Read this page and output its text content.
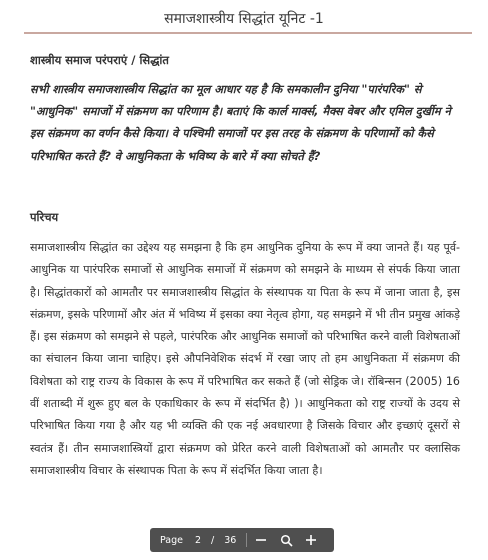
समाजशास्त्रीय सिद्धांत यूनिट -1
शास्त्रीय समाज परंपराएं / सिद्धांत
सभी शास्त्रीय समाजशास्त्रीय सिद्धांत का मूल आधार यह है कि समकालीन दुनिया "पारंपरिक" से "आधुनिक" समाजों में संक्रमण का परिणाम है। बताएं कि कार्ल मार्क्स, मैक्स वेबर और एमिल दुर्खीम ने इस संक्रमण का वर्णन कैसे किया। वे पश्चिमी समाजों पर इस तरह के संक्रमण के परिणामों को कैसे परिभाषित करते हैं? वे आधुनिकता के भविष्य के बारे में क्या सोचते हैं?
परिचय
समाजशास्त्रीय सिद्धांत का उद्देश्य यह समझना है कि हम आधुनिक दुनिया के रूप में क्या जानते हैं। यह पूर्व-आधुनिक या पारंपरिक समाजों से आधुनिक समाजों में संक्रमण को समझने के माध्यम से संपर्क किया जाता है। सिद्धांतकारों को आमतौर पर समाजशास्त्रीय सिद्धांत के संस्थापक या पिता के रूप में जाना जाता है, इस संक्रमण, इसके परिणामों और अंत में भविष्य में इसका क्या नेतृत्व होगा, यह समझने में भी तीन प्रमुख आंकड़े हैं। इस संक्रमण को समझने से पहले, पारंपरिक और आधुनिक समाजों को परिभाषित करने वाली विशेषताओं का संचालन किया जाना चाहिए। इसे औपनिवेशिक संदर्भ में रखा जाए तो हम आधुनिकता में संक्रमण की विशेषता को राष्ट्र राज्य के विकास के रूप में परिभाषित कर सकते हैं (जो सेड्रिक जे। रॉबिन्सन (2005) 16 वीं शताब्दी में शुरू हुए बल के एकाधिकार के रूप में संदर्भित है) )। आधुनिकता को राष्ट्र राज्यों के उदय से परिभाषित किया गया है और यह भी व्यक्ति की एक नई अवधारणा है जिसके विचार और इच्छाएं दूसरों से स्वतंत्र हैं। तीन समाजशास्त्रियों द्वारा संक्रमण को प्रेरित करने वाली विशेषताओं को आमतौर पर क्लासिक समाजशास्त्रीय विचार के संस्थापक पिता के रूप में संदर्भित किया जाता है।
Page 2 / 36
